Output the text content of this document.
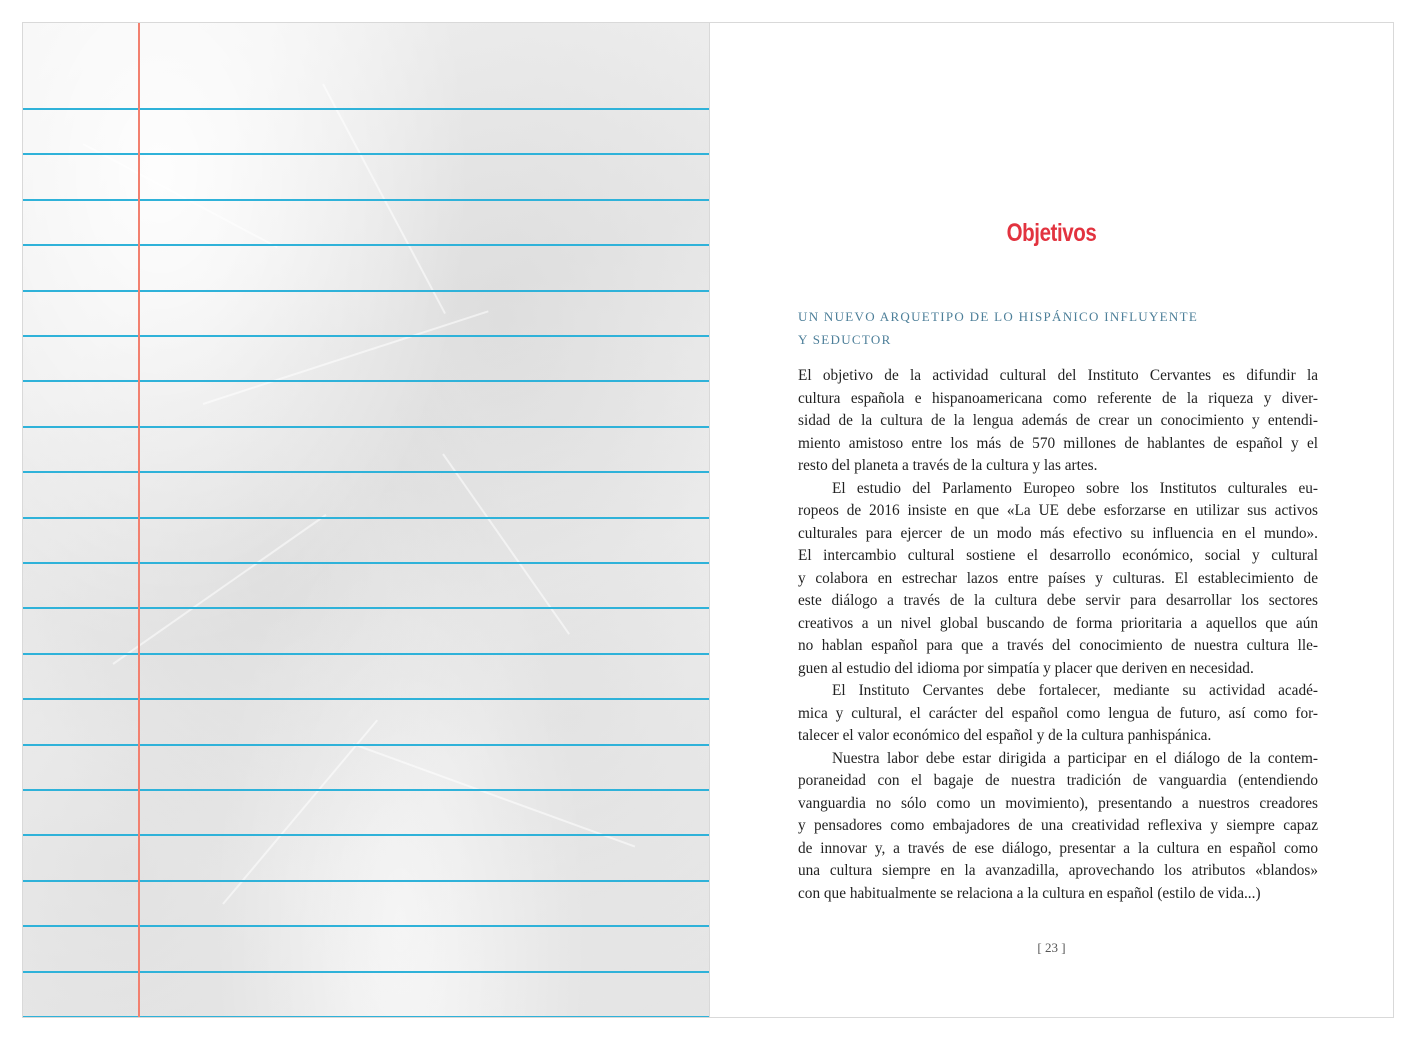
Objetivos
UN NUEVO ARQUETIPO DE LO HISPÁNICO INFLUYENTE
Y SEDUCTOR

El objetivo de la actividad cultural del Instituto Cervantes es difundir la
cultura española e hispanoamericana como referente de la riqueza y diver-
sidad de la cultura de la lengua además de crear un conocimiento y entendi-
miento amistoso entre los más de 570 millones de hablantes de español y el
resto del planeta a través de la cultura y las artes.

El estudio del Parlamento Europeo sobre los Institutos culturales eu-
ropeos de 2016 insiste en que «La UE debe esforzarse en utilizar sus activos
culturales para ejercer de un modo más efectivo su influencia en el mundo».
El intercambio cultural sostiene el desarrollo económico, social y cultural
y colabora en estrechar lazos entre países y culturas. El establecimiento de
este diálogo a través de la cultura debe servir para desarrollar los sectores
creativos a un nivel global buscando de forma prioritaria a aquellos que aún
no hablan español para que a través del conocimiento de nuestra cultura lle-
guen al estudio del idioma por simpatía y placer que deriven en necesidad.

El Instituto Cervantes debe fortalecer, mediante su actividad acadé-
mica y cultural, el carácter del español como lengua de futuro, así como for-
talecer el valor económico del español y de la cultura panhispánica.

Nuestra labor debe estar dirigida a participar en el diálogo de la contem-
poraneidad con el bagaje de nuestra tradición de vanguardia (entendiendo
vanguardia no sólo como un movimiento), presentando a nuestros creadores
y pensadores como embajadores de una creatividad reflexiva y siempre capaz
de innovar y, a través de ese diálogo, presentar a la cultura en español como
una cultura siempre en la avanzadilla, aprovechando los atributos «blandos»
con que habitualmente se relaciona a la cultura en español (estilo de vida...)

[ 23 ]
